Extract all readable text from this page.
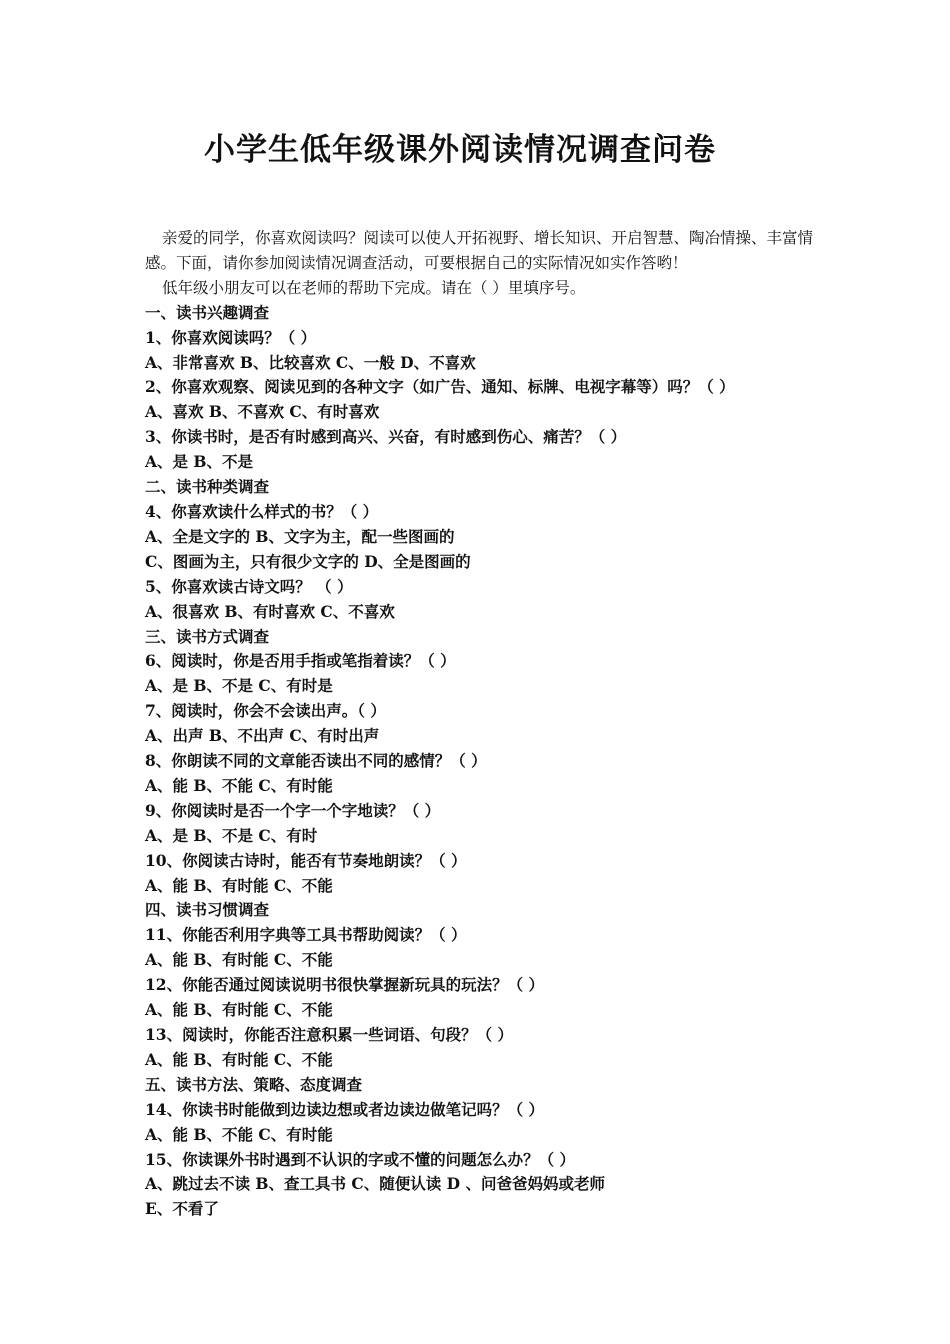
小学生低年级课外阅读情况调查问卷

亲爱的同学，你喜欢阅读吗？阅读可以使人开拓视野、增长知识、开启智慧、陶冶情操、丰富情感。下面，请你参加阅读情况调查活动，可要根据自己的实际情况如实作答哟！

低年级小朋友可以在老师的帮助下完成。请在（ ）里填序号。

一、读书兴趣调查

1、你喜欢阅读吗？（ ）

A、非常喜欢 B、比较喜欢 C、一般 D、不喜欢

2、你喜欢观察、阅读见到的各种文字（如广告、通知、标牌、电视字幕等）吗？（ ）

A、喜欢 B、不喜欢 C、有时喜欢

3、你读书时，是否有时感到高兴、兴奋，有时感到伤心、痛苦？（ ）

A、是 B、不是

二、读书种类调查

4、你喜欢读什么样式的书？（ ）

A、全是文字的 B、文字为主，配一些图画的

C、图画为主，只有很少文字的 D、全是图画的

5、你喜欢读古诗文吗？ （ ）

A、很喜欢 B、有时喜欢 C、不喜欢

三、读书方式调查

6、阅读时，你是否用手指或笔指着读？（ ）

A、是 B、不是 C、有时是

7、阅读时，你会不会读出声。（ ）

A、出声 B、不出声 C、有时出声

8、你朗读不同的文章能否读出不同的感情？（ ）

A、能 B、不能 C、有时能

9、你阅读时是否一个字一个字地读？（ ）

A、是 B、不是 C、有时

10、你阅读古诗时，能否有节奏地朗读？（ ）

A、能 B、有时能 C、不能

四、读书习惯调查

11、你能否利用字典等工具书帮助阅读？（ ）

A、能 B、有时能 C、不能

12、你能否通过阅读说明书很快掌握新玩具的玩法？（ ）

A、能 B、有时能 C、不能

13、阅读时，你能否注意积累一些词语、句段？（ ）

A、能 B、有时能 C、不能

五、读书方法、策略、态度调查

14、你读书时能做到边读边想或者边读边做笔记吗？（ ）

A、能 B、不能 C、有时能

15、你读课外书时遇到不认识的字或不懂的问题怎么办？（ ）

A、跳过去不读 B、查工具书 C、随便认读 D 、问爸爸妈妈或老师

E、不看了
